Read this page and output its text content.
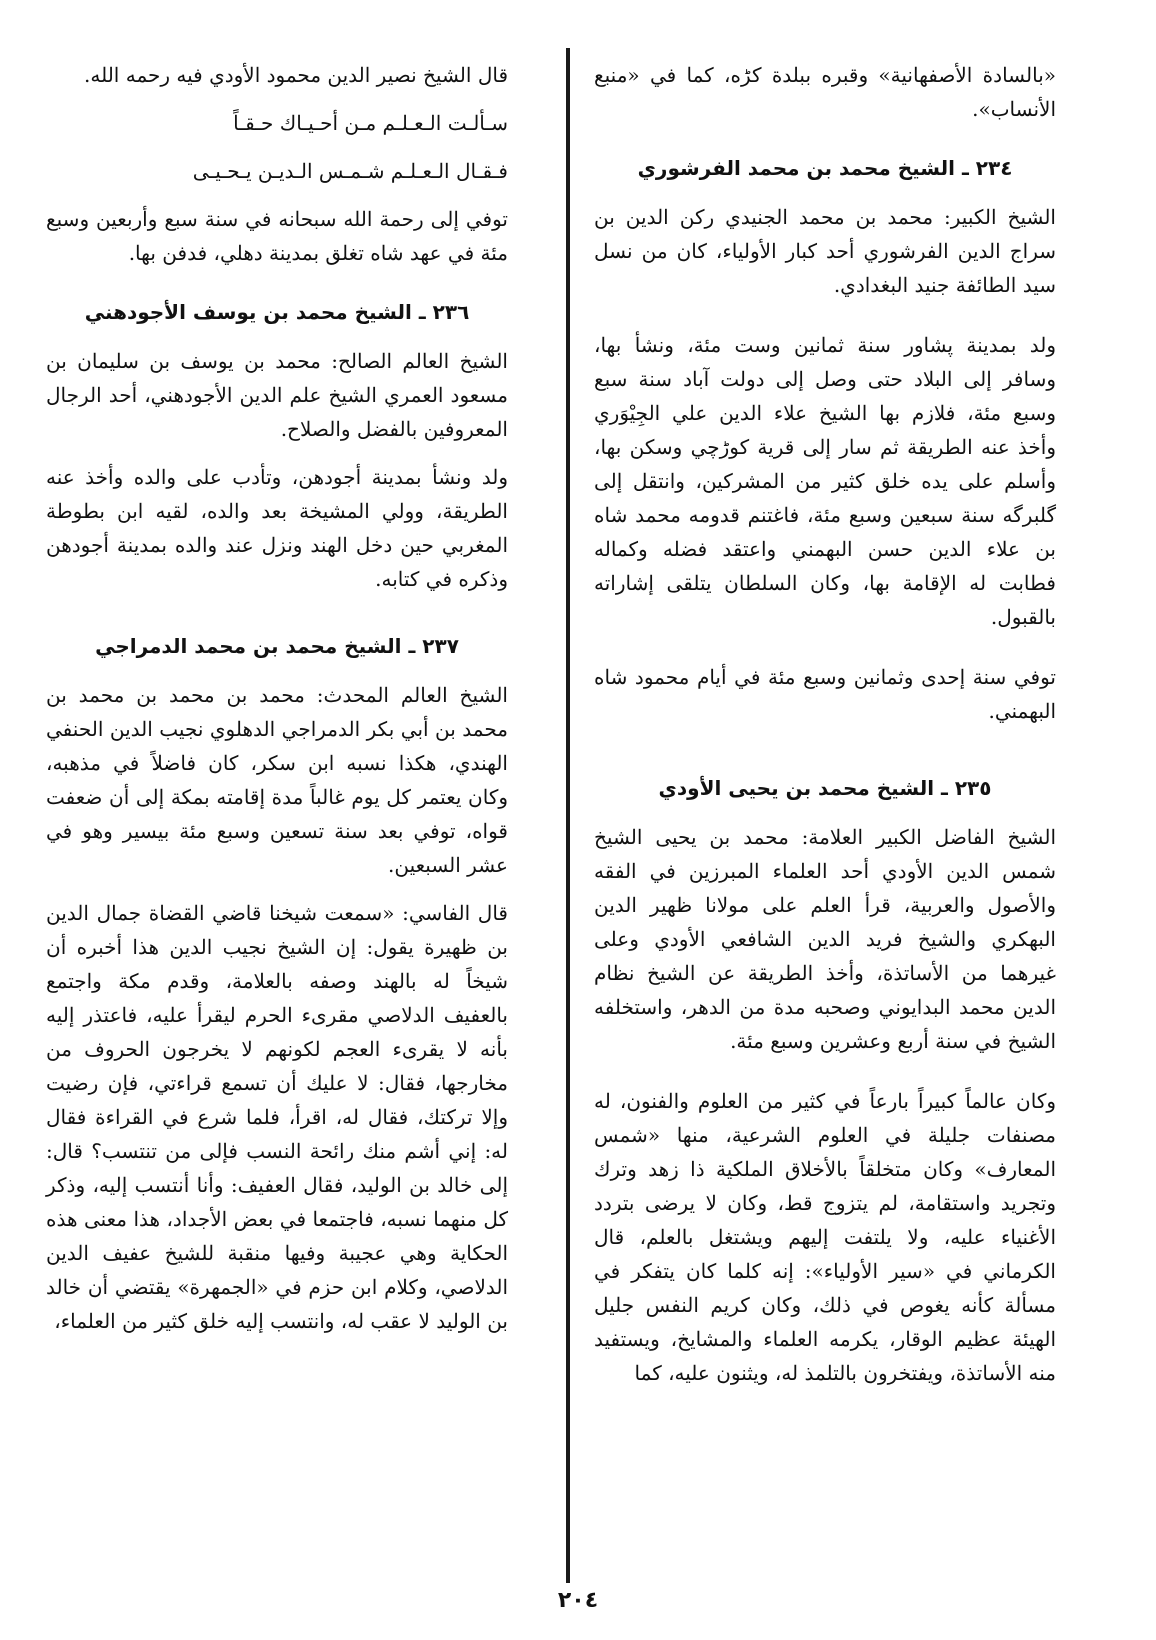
«بالسادة الأصفهانية» وقبره ببلدة كڑه، كما في «منبع الأنساب».

٢٣٤ ـ الشيخ محمد بن محمد الفرشوري

الشيخ الكبير: محمد بن محمد الجنيدي ركن الدين بن سراج الدين الفرشوري أحد كبار الأولياء، كان من نسل سيد الطائفة جنيد البغدادي.

ولد بمدينة پشاور سنة ثمانين وست مئة، ونشأ بها، وسافر إلى البلاد حتى وصل إلى دولت آباد سنة سبع وسبع مئة، فلازم بها الشيخ علاء الدين علي الجِيْوَري وأخذ عنه الطريقة ثم سار إلى قرية كوڑچي وسكن بها، وأسلم على يده خلق كثير من المشركين، وانتقل إلى گلبرگه سنة سبعين وسبع مئة، فاغتنم قدومه محمد شاه بن علاء الدين حسن البهمني واعتقد فضله وكماله فطابت له الإقامة بها، وكان السلطان يتلقى إشاراته بالقبول.

توفي سنة إحدى وثمانين وسبع مئة في أيام محمود شاه البهمني.

٢٣٥ ـ الشيخ محمد بن يحيى الأودي

الشيخ الفاضل الكبير العلامة: محمد بن يحيى الشيخ شمس الدين الأودي أحد العلماء المبرزين في الفقه والأصول والعربية، قرأ العلم على مولانا ظهير الدين البهكري والشيخ فريد الدين الشافعي الأودي وعلى غيرهما من الأساتذة، وأخذ الطريقة عن الشيخ نظام الدين محمد البدايوني وصحبه مدة من الدهر، واستخلفه الشيخ في سنة أربع وعشرين وسبع مئة.

وكان عالماً كبيراً بارعاً في كثير من العلوم والفنون، له مصنفات جليلة في العلوم الشرعية، منها «شمس المعارف» وكان متخلقاً بالأخلاق الملكية ذا زهد وترك وتجريد واستقامة، لم يتزوج قط، وكان لا يرضى بتردد الأغنياء عليه، ولا يلتفت إليهم ويشتغل بالعلم، قال الكرماني في «سير الأولياء»: إنه كلما كان يتفكر في مسألة كأنه يغوص في ذلك، وكان كريم النفس جليل الهيئة عظيم الوقار، يكرمه العلماء والمشايخ، ويستفيد منه الأساتذة، ويفتخرون بالتلمذ له، ويثنون عليه، كما

قال الشيخ نصير الدين محمود الأودي فيه رحمه الله.

سـألـت الـعـلـم مـن أحـيـاك حـقـاً

فـقـال الـعـلـم شـمـس الـديـن يـحـيـى

توفي إلى رحمة الله سبحانه في سنة سبع وأربعين وسبع مئة في عهد شاه تغلق بمدينة دهلي، فدفن بها.

٢٣٦ ـ الشيخ محمد بن يوسف الأجودهني

الشيخ العالم الصالح: محمد بن يوسف بن سليمان بن مسعود العمري الشيخ علم الدين الأجودهني، أحد الرجال المعروفين بالفضل والصلاح.

ولد ونشأ بمدينة أجودهن، وتأدب على والده وأخذ عنه الطريقة، وولي المشيخة بعد والده، لقيه ابن بطوطة المغربي حين دخل الهند ونزل عند والده بمدينة أجودهن وذكره في كتابه.

٢٣٧ ـ الشيخ محمد بن محمد الدمراجي

الشيخ العالم المحدث: محمد بن محمد بن محمد بن محمد بن أبي بكر الدمراجي الدهلوي نجيب الدين الحنفي الهندي، هكذا نسبه ابن سكر، كان فاضلاً في مذهبه، وكان يعتمر كل يوم غالباً مدة إقامته بمكة إلى أن ضعفت قواه، توفي بعد سنة تسعين وسبع مئة بيسير وهو في عشر السبعين.

قال الفاسي: «سمعت شيخنا قاضي القضاة جمال الدين بن ظهيرة يقول: إن الشيخ نجيب الدين هذا أخبره أن شيخاً له بالهند وصفه بالعلامة، وقدم مكة واجتمع بالعفيف الدلاصي مقرىء الحرم ليقرأ عليه، فاعتذر إليه بأنه لا يقرىء العجم لكونهم لا يخرجون الحروف من مخارجها، فقال: لا عليك أن تسمع قراءتي، فإن رضيت وإلا تركتك، فقال له، اقرأ، فلما شرع في القراءة فقال له: إني أشم منك رائحة النسب فإلى من تنتسب؟ قال: إلى خالد بن الوليد، فقال العفيف: وأنا أنتسب إليه، وذكر كل منهما نسبه، فاجتمعا في بعض الأجداد، هذا معنى هذه الحكاية وهي عجيبة وفيها منقبة للشيخ عفيف الدين الدلاصي، وكلام ابن حزم في «الجمهرة» يقتضي أن خالد بن الوليد لا عقب له، وانتسب إليه خلق كثير من العلماء،

٢٠٤
